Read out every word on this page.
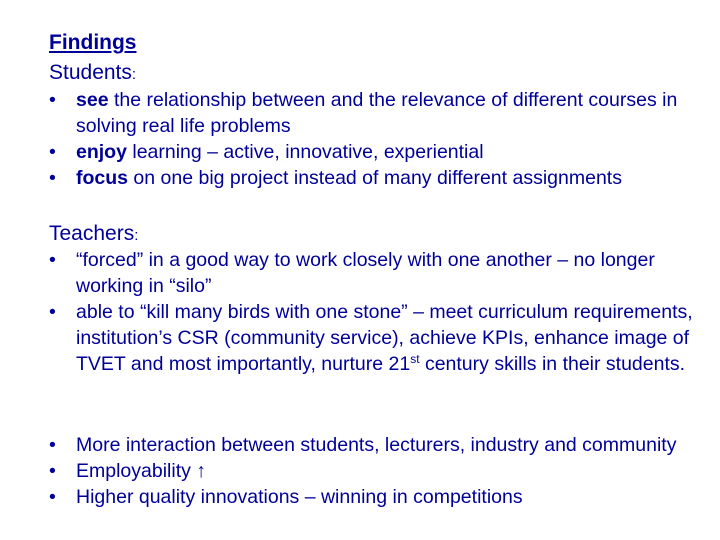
Findings
Students:
•	see the relationship between and the relevance of different courses in solving real life problems
•	enjoy learning – active, innovative, experiential
•	focus on one big project instead of many different assignments
Teachers:
•	“forced” in a good way to work closely with one another – no longer working in “silo”
•	able to “kill many birds with one stone” – meet curriculum requirements, institution’s CSR (community service), achieve KPIs, enhance image of TVET and most importantly, nurture 21st century skills in their students.
•	More interaction between students, lecturers, industry and community
•	Employability ↑
•	Higher quality innovations – winning in competitions
